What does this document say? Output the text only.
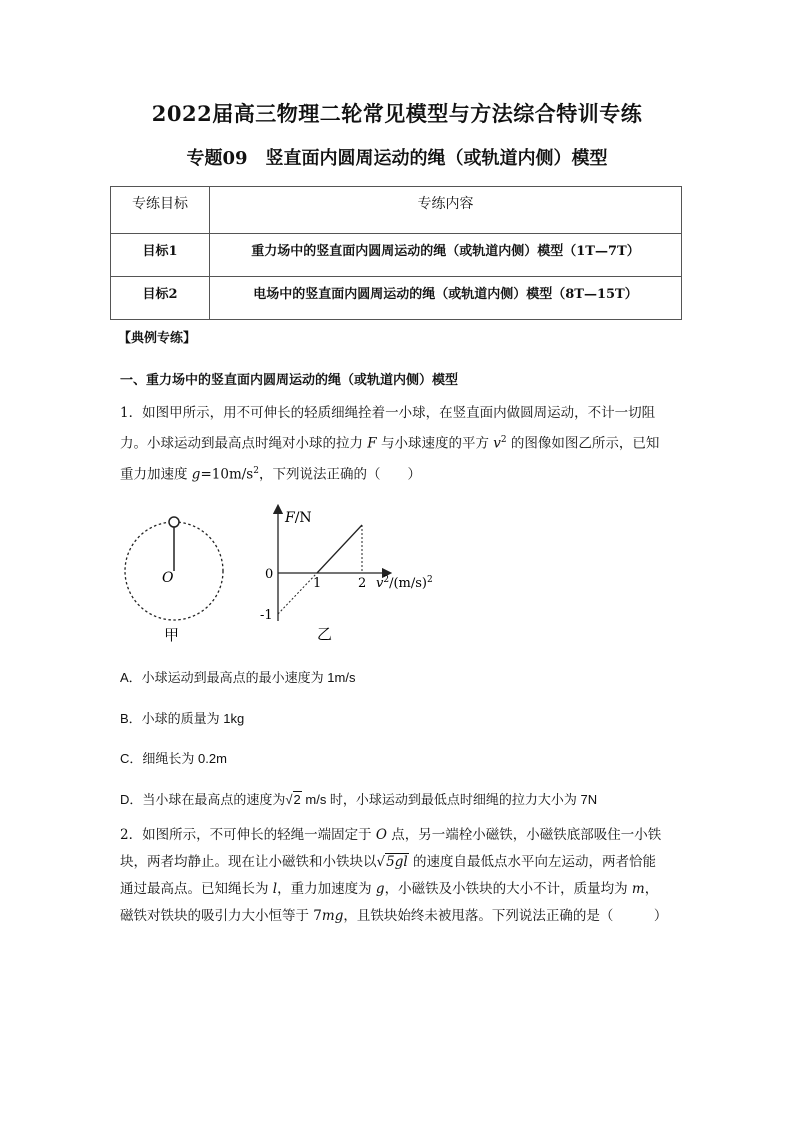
2022届高三物理二轮常见模型与方法综合特训专练
专题09　竖直面内圆周运动的绳（或轨道内侧）模型
专练目标	专练内容
目标1	重力场中的竖直面内圆周运动的绳（或轨道内侧）模型（1T—7T）
目标2	电场中的竖直面内圆周运动的绳（或轨道内侧）模型（8T—15T）
【典例专练】
一、重力场中的竖直面内圆周运动的绳（或轨道内侧）模型
1．如图甲所示，用不可伸长的轻质细绳拴着一小球，在竖直面内做圆周运动，不计一切阻
力。小球运动到最高点时绳对小球的拉力 F 与小球速度的平方 $v^2$ 的图像如图乙所示，已知
重力加速度 $g=10m/s^2$，下列说法正确的（　　）
O
甲
F/N
0
1	2 $v^2/(m/s)^2$
-1
乙
A．小球运动到最高点的最小速度为 1m/s
B．小球的质量为 1kg
C．细绳长为 0.2m
D．当小球在最高点的速度为√2 m/s 时，小球运动到最低点时细绳的拉力大小为 7N
2．如图所示，不可伸长的轻绳一端固定于 O 点，另一端栓小磁铁，小磁铁底部吸住一小铁
块，两者均静止。现在让小磁铁和小铁块以√5gl 的速度自最低点水平向左运动，两者恰能
通过最高点。已知绳长为 l，重力加速度为 g，小磁铁及小铁块的大小不计，质量均为 m，
磁铁对铁块的吸引力大小恒等于 7mg，且铁块始终未被甩落。下列说法正确的是（　　　）
